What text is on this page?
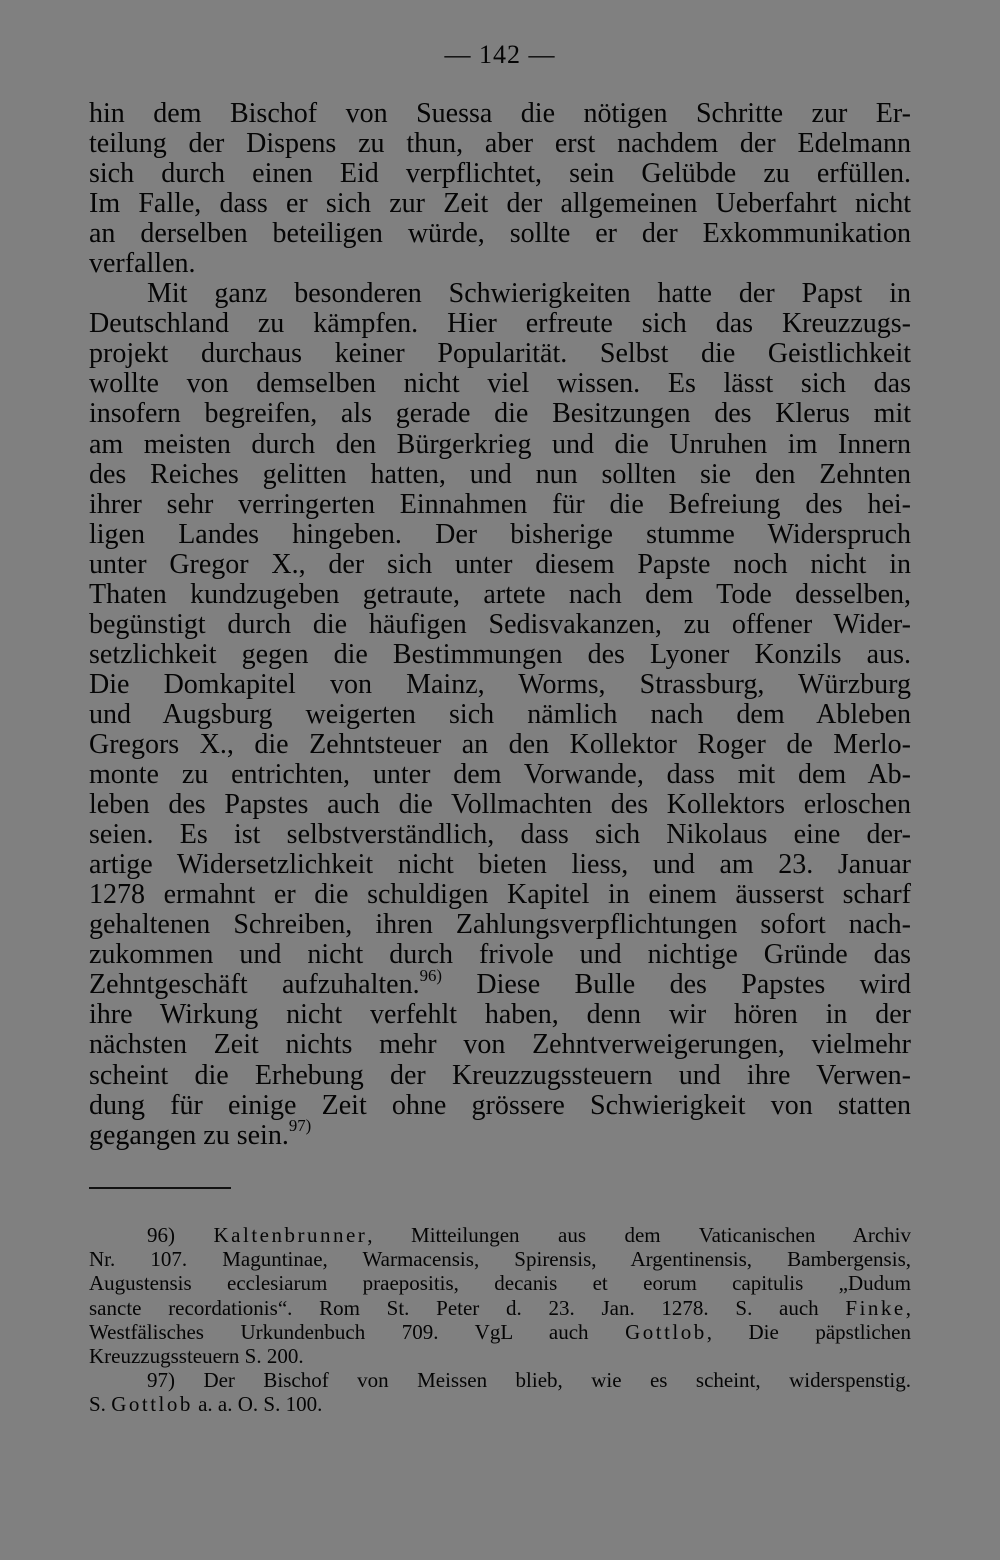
— 142 —

hin dem Bischof von Suessa die nötigen Schritte zur Er-
teilung der Dispens zu thun, aber erst nachdem der Edelmann
sich durch einen Eid verpflichtet, sein Gelübde zu erfüllen.
Im Falle, dass er sich zur Zeit der allgemeinen Ueberfahrt nicht
an derselben beteiligen würde, sollte er der Exkommunikation
verfallen.

Mit ganz besonderen Schwierigkeiten hatte der Papst in
Deutschland zu kämpfen. Hier erfreute sich das Kreuzzugs-
projekt durchaus keiner Popularität. Selbst die Geistlichkeit
wollte von demselben nicht viel wissen. Es lässt sich das
insofern begreifen, als gerade die Besitzungen des Klerus mit
am meisten durch den Bürgerkrieg und die Unruhen im Innern
des Reiches gelitten hatten, und nun sollten sie den Zehnten
ihrer sehr verringerten Einnahmen für die Befreiung des hei-
ligen Landes hingeben. Der bisherige stumme Widerspruch
unter Gregor X., der sich unter diesem Papste noch nicht in
Thaten kundzugeben getraute, artete nach dem Tode desselben,
begünstigt durch die häufigen Sedisvakanzen, zu offener Wider-
setzlichkeit gegen die Bestimmungen des Lyoner Konzils aus.
Die Domkapitel von Mainz, Worms, Strassburg, Würzburg
und Augsburg weigerten sich nämlich nach dem Ableben
Gregors X., die Zehntsteuer an den Kollektor Roger de Merlo-
monte zu entrichten, unter dem Vorwande, dass mit dem Ab-
leben des Papstes auch die Vollmachten des Kollektors erloschen
seien. Es ist selbstverständlich, dass sich Nikolaus eine der-
artige Widersetzlichkeit nicht bieten liess, und am 23. Januar
1278 ermahnt er die schuldigen Kapitel in einem äusserst scharf
gehaltenen Schreiben, ihren Zahlungsverpflichtungen sofort nach-
zukommen und nicht durch frivole und nichtige Gründe das
Zehntgeschäft aufzuhalten.$^{96)}$ Diese Bulle des Papstes wird
ihre Wirkung nicht verfehlt haben, denn wir hören in der
nächsten Zeit nichts mehr von Zehntverweigerungen, vielmehr
scheint die Erhebung der Kreuzzugssteuern und ihre Verwen-
dung für einige Zeit ohne grössere Schwierigkeit von statten
gegangen zu sein.$^{97)}$

96) Kaltenbrunner, Mitteilungen aus dem Vaticanischen Archiv
Nr. 107. Maguntinae, Warmacensis, Spirensis, Argentinensis, Bambergensis,
Augustensis ecclesiarum praepositis, decanis et eorum capitulis „Dudum
sancte recordationis“. Rom St. Peter d. 23. Jan. 1278. S. auch Finke,
Westfälisches Urkundenbuch 709. VgL auch Gottlob, Die päpstlichen
Kreuzzugssteuern S. 200.

97) Der Bischof von Meissen blieb, wie es scheint, widerspenstig.
S. Gottlob a. a. O. S. 100.
